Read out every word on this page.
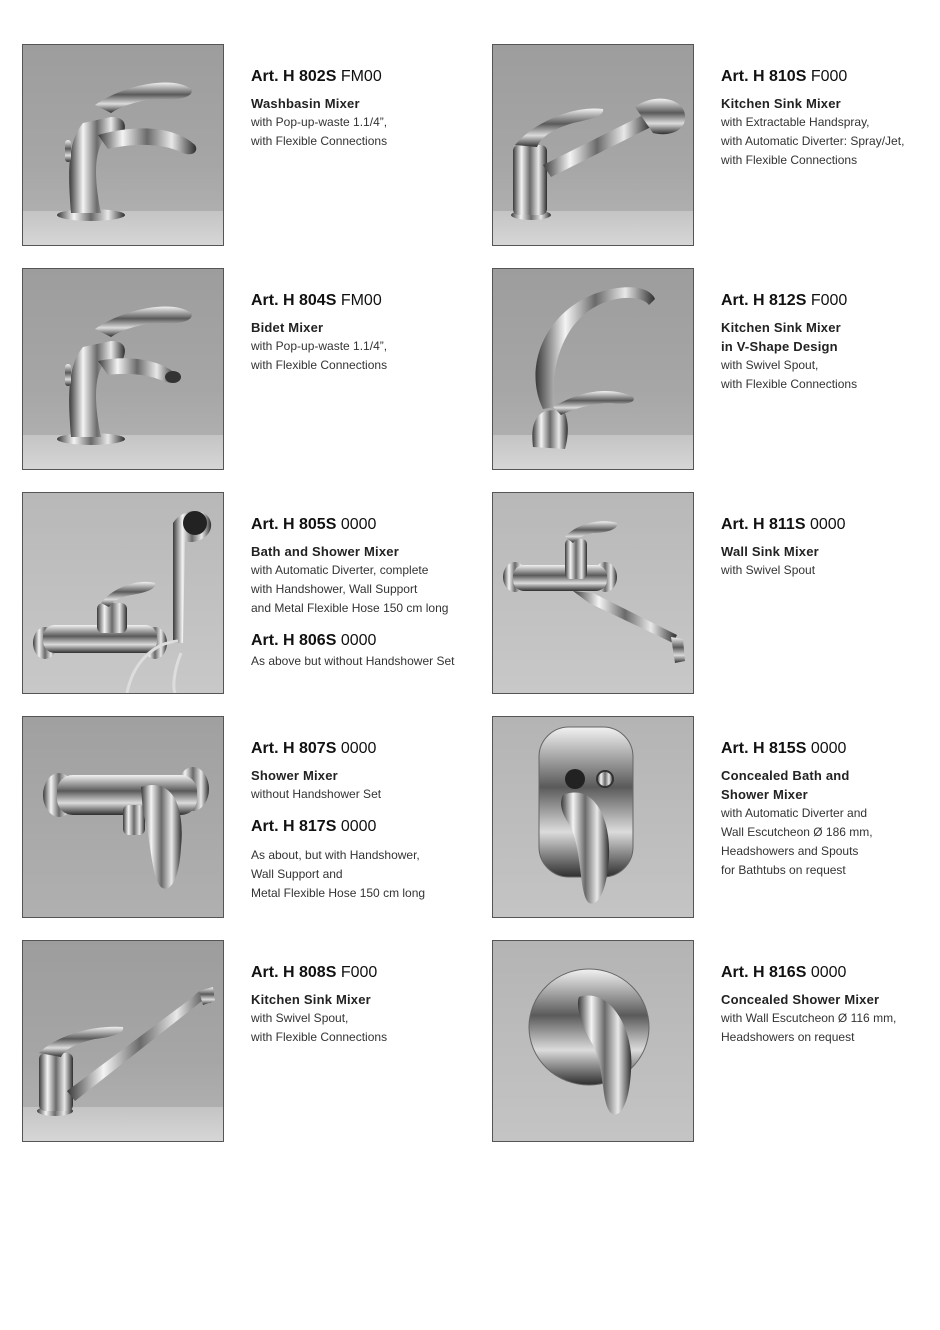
Art. H 802S FM00
Washbasin Mixer
with Pop-up-waste 1.1/4”,
with Flexible Connections
Art. H 810S F000
Kitchen Sink Mixer
with Extractable Handspray,
with Automatic Diverter: Spray/Jet,
with Flexible Connections
Art. H 804S FM00
Bidet Mixer
with Pop-up-waste 1.1/4”,
with Flexible Connections
Art. H 812S F000
Kitchen Sink Mixer
in V-Shape Design
with Swivel Spout,
with Flexible Connections
Art. H 805S 0000
Bath and Shower Mixer
with Automatic Diverter, complete
with Handshower, Wall Support
and Metal Flexible Hose 150 cm long
Art. H 806S 0000
As above but without Handshower Set
Art. H 811S 0000
Wall Sink Mixer
with Swivel Spout
Art. H 807S 0000
Shower Mixer
without Handshower Set
Art. H 817S 0000
As about, but with Handshower,
Wall Support and
Metal Flexible Hose 150 cm long
Art. H 815S 0000
Concealed Bath and
Shower Mixer
with Automatic Diverter and
Wall Escutcheon Ø 186 mm,
Headshowers and Spouts
for Bathtubs on request
Art. H 808S F000
Kitchen Sink Mixer
with Swivel Spout,
with Flexible Connections
Art. H 816S 0000
Concealed Shower Mixer
with Wall Escutcheon Ø 116 mm,
Headshowers on request
